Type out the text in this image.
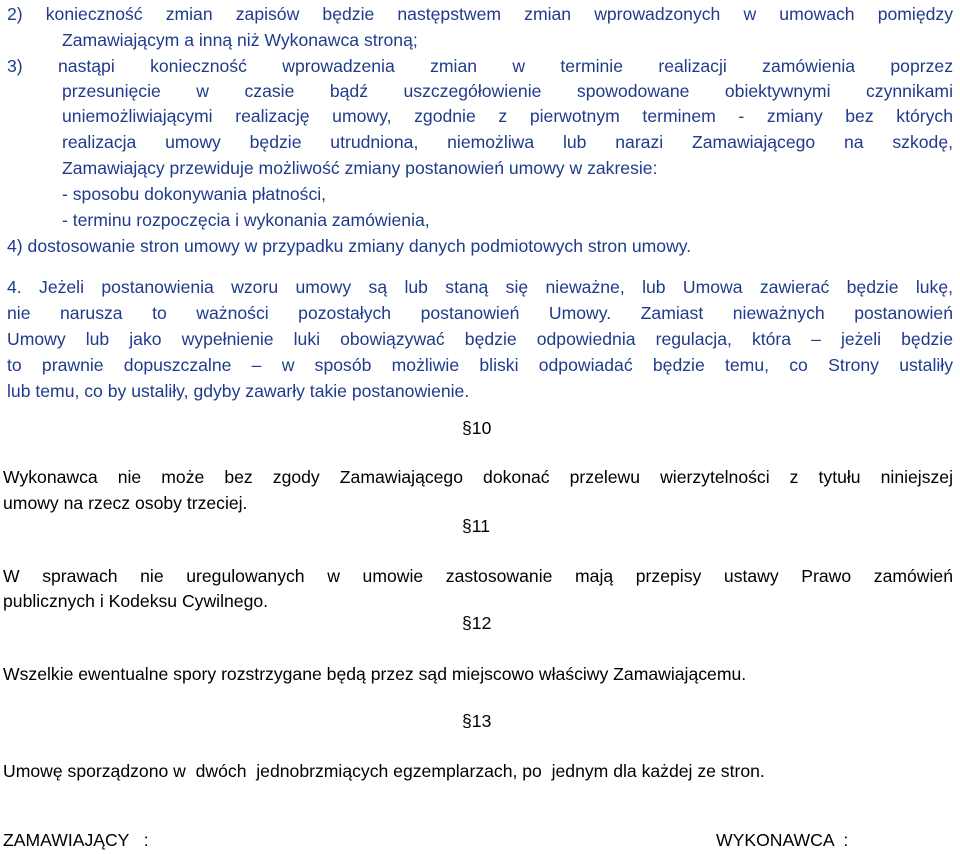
2) konieczność zmian zapisów będzie następstwem zmian wprowadzonych w umowach pomiędzy
Zamawiającym a inną niż Wykonawca stroną;
3) nastąpi konieczność wprowadzenia zmian w terminie realizacji zamówienia poprzez
przesunięcie w czasie bądź uszczegółowienie spowodowane obiektywnymi czynnikami
uniemożliwiającymi realizację umowy, zgodnie z pierwotnym terminem - zmiany bez których
realizacja umowy będzie utrudniona, niemożliwa lub narazi Zamawiającego na szkodę,
Zamawiający przewiduje możliwość zmiany postanowień umowy w zakresie:
- sposobu dokonywania płatności,
- terminu rozpoczęcia i wykonania zamówienia,
4) dostosowanie stron umowy w przypadku zmiany danych podmiotowych stron umowy.
4. Jeżeli postanowienia wzoru umowy są lub staną się nieważne, lub Umowa zawierać będzie lukę,
nie narusza to ważności pozostałych postanowień Umowy. Zamiast nieważnych postanowień
Umowy lub jako wypełnienie luki obowiązywać będzie odpowiednia regulacja, która – jeżeli będzie
to prawnie dopuszczalne – w sposób możliwie bliski odpowiadać będzie temu, co Strony ustaliły
lub temu, co by ustaliły, gdyby zawarły takie postanowienie.
§10
Wykonawca nie może bez zgody Zamawiającego dokonać przelewu wierzytelności z tytułu niniejszej
umowy na rzecz osoby trzeciej.
§11
W sprawach nie uregulowanych w umowie zastosowanie mają przepisy ustawy Prawo zamówień
publicznych i Kodeksu Cywilnego.
§12
Wszelkie ewentualne spory rozstrzygane będą przez sąd miejscowo właściwy Zamawiającemu.
§13
Umowę sporządzono w  dwóch  jednobrzmiących egzemplarzach, po  jednym dla każdej ze stron.
ZAMAWIAJĄCY   :	WYKONAWCA  :
